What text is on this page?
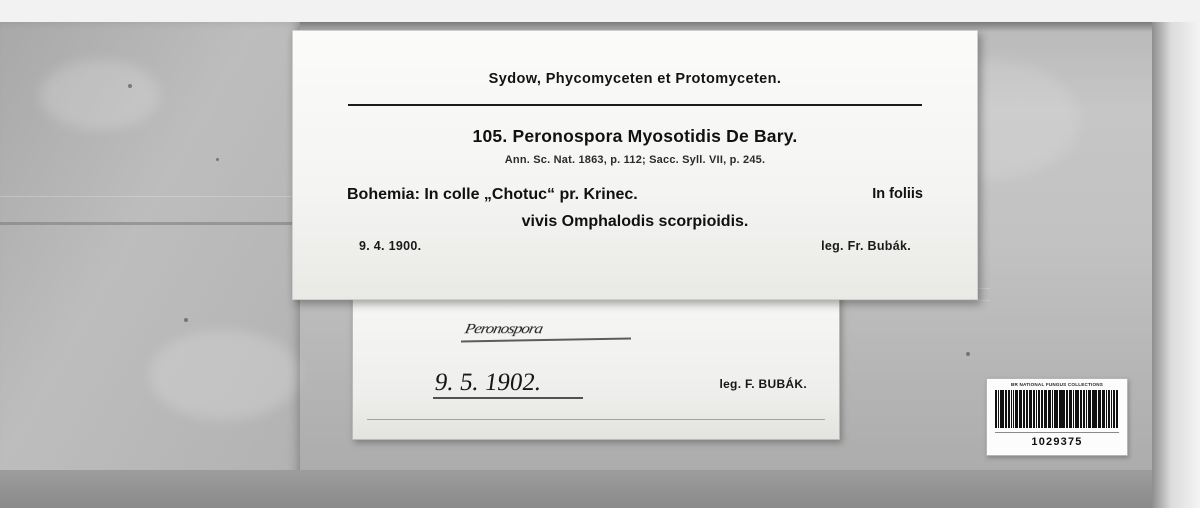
Peronospora
9. 5. 1902.	leg. F. BUBÁK.
Sydow, Phycomyceten et Protomyceten.
105. Peronospora Myosotidis De Bary.
Ann. Sc. Nat. 1863, p. 112; Sacc. Syll. VII, p. 245.
Bohemia: In colle „Chotuc“ pr. Krinec.	In foliis
vivis Omphalodis scorpioidis.
9. 4. 1900.	leg. Fr. Bubák.
BR NATIONAL FUNGUS COLLECTIONS
1029375
